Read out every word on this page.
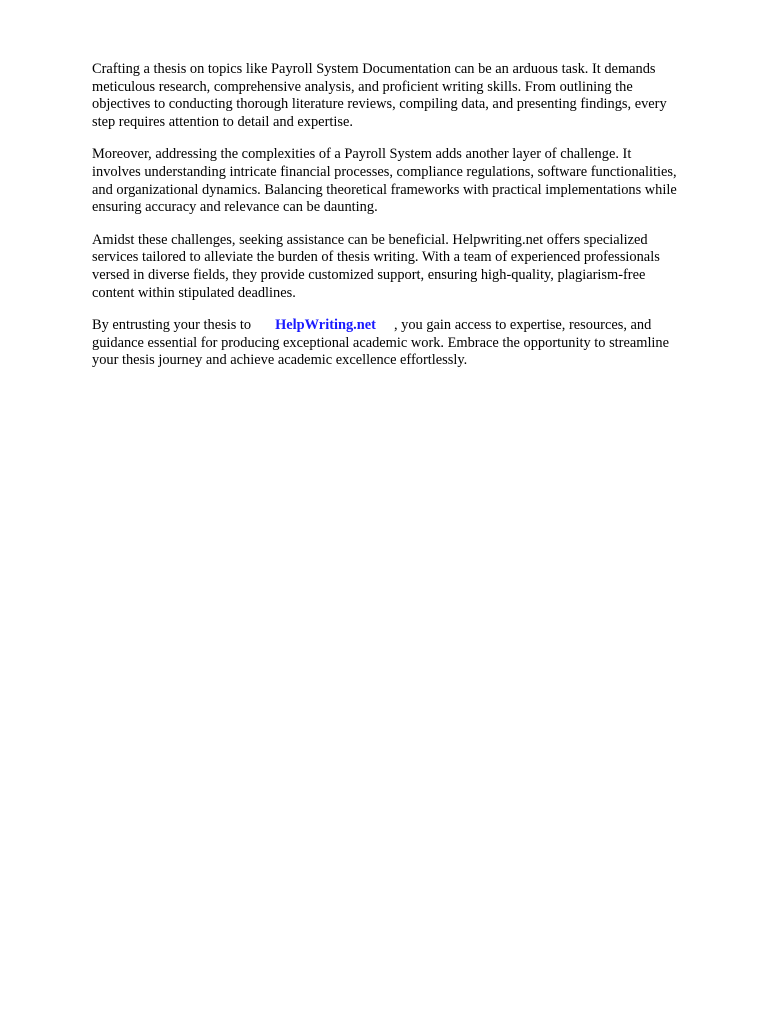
Crafting a thesis on topics like Payroll System Documentation can be an arduous task. It demands
meticulous research, comprehensive analysis, and proficient writing skills. From outlining the
objectives to conducting thorough literature reviews, compiling data, and presenting findings, every
step requires attention to detail and expertise.

Moreover, addressing the complexities of a Payroll System adds another layer of challenge. It
involves understanding intricate financial processes, compliance regulations, software functionalities,
and organizational dynamics. Balancing theoretical frameworks with practical implementations while
ensuring accuracy and relevance can be daunting.

Amidst these challenges, seeking assistance can be beneficial. Helpwriting.net offers specialized
services tailored to alleviate the burden of thesis writing. With a team of experienced professionals
versed in diverse fields, they provide customized support, ensuring high-quality, plagiarism-free
content within stipulated deadlines.

By entrusting your thesis to HelpWriting.net , you gain access to expertise, resources, and
guidance essential for producing exceptional academic work. Embrace the opportunity to streamline
your thesis journey and achieve academic excellence effortlessly.
